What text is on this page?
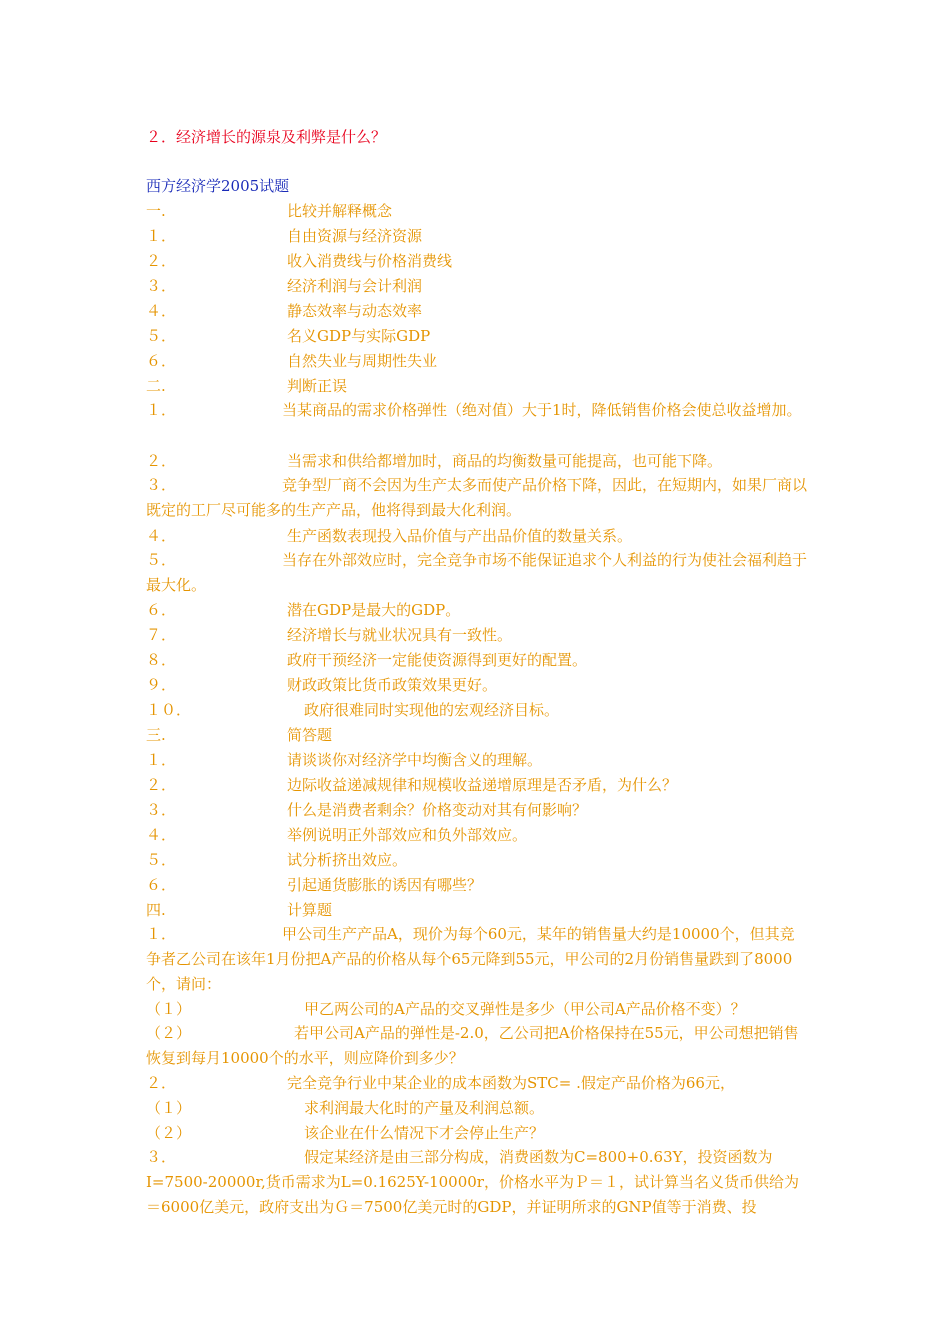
２．经济增长的源泉及利弊是什么？
西方经济学2005试题
一.	比较并解释概念
１．	自由资源与经济资源
２．	收入消费线与价格消费线
３．	经济利润与会计利润
４．	静态效率与动态效率
５．	名义GDP与实际GDP
６．	自然失业与周期性失业
二.	判断正误
１．	当某商品的需求价格弹性（绝对值）大于1时，降低销售价格会使总收益增加。
２．	当需求和供给都增加时，商品的均衡数量可能提高，也可能下降。
３．	竞争型厂商不会因为生产太多而使产品价格下降，因此，在短期内，如果厂商以既定的工厂尽可能多的生产产品，他将得到最大化利润。
４．	生产函数表现投入品价值与产出品价值的数量关系。
５．	当存在外部效应时，完全竞争市场不能保证追求个人利益的行为使社会福利趋于最大化。
６．	潜在GDP是最大的GDP。
７．	经济增长与就业状况具有一致性。
８．	政府干预经济一定能使资源得到更好的配置。
９．	财政政策比货币政策效果更好。
１０．	政府很难同时实现他的宏观经济目标。
三.	简答题
１．	请谈谈你对经济学中均衡含义的理解。
２．	边际收益递减规律和规模收益递增原理是否矛盾，为什么？
３．	什么是消费者剩余？价格变动对其有何影响？
４．	举例说明正外部效应和负外部效应。
５．	试分析挤出效应。
６．	引起通货膨胀的诱因有哪些？
四.	计算题
１．	甲公司生产产品A，现价为每个60元，某年的销售量大约是10000个，但其竞争者乙公司在该年1月份把A产品的价格从每个65元降到55元，甲公司的2月份销售量跌到了8000个，请问：
（１）	甲乙两公司的A产品的交叉弹性是多少（甲公司A产品价格不变）？
（２）	若甲公司A产品的弹性是-2.0，乙公司把A价格保持在55元，甲公司想把销售恢复到每月10000个的水平，则应降价到多少？
２．	完全竞争行业中某企业的成本函数为STC= .假定产品价格为66元，
（１）	求利润最大化时的产量及利润总额。
（２）	该企业在什么情况下才会停止生产？
３．	假定某经济是由三部分构成，消费函数为C=800+0.63Y，投资函数为I=7500-20000r,货币需求为L=0.1625Y-10000r，价格水平为Ｐ＝１，试计算当名义货币供给为＝6000亿美元，政府支出为Ｇ＝7500亿美元时的GDP，并证明所求的GNP值等于消费、投
